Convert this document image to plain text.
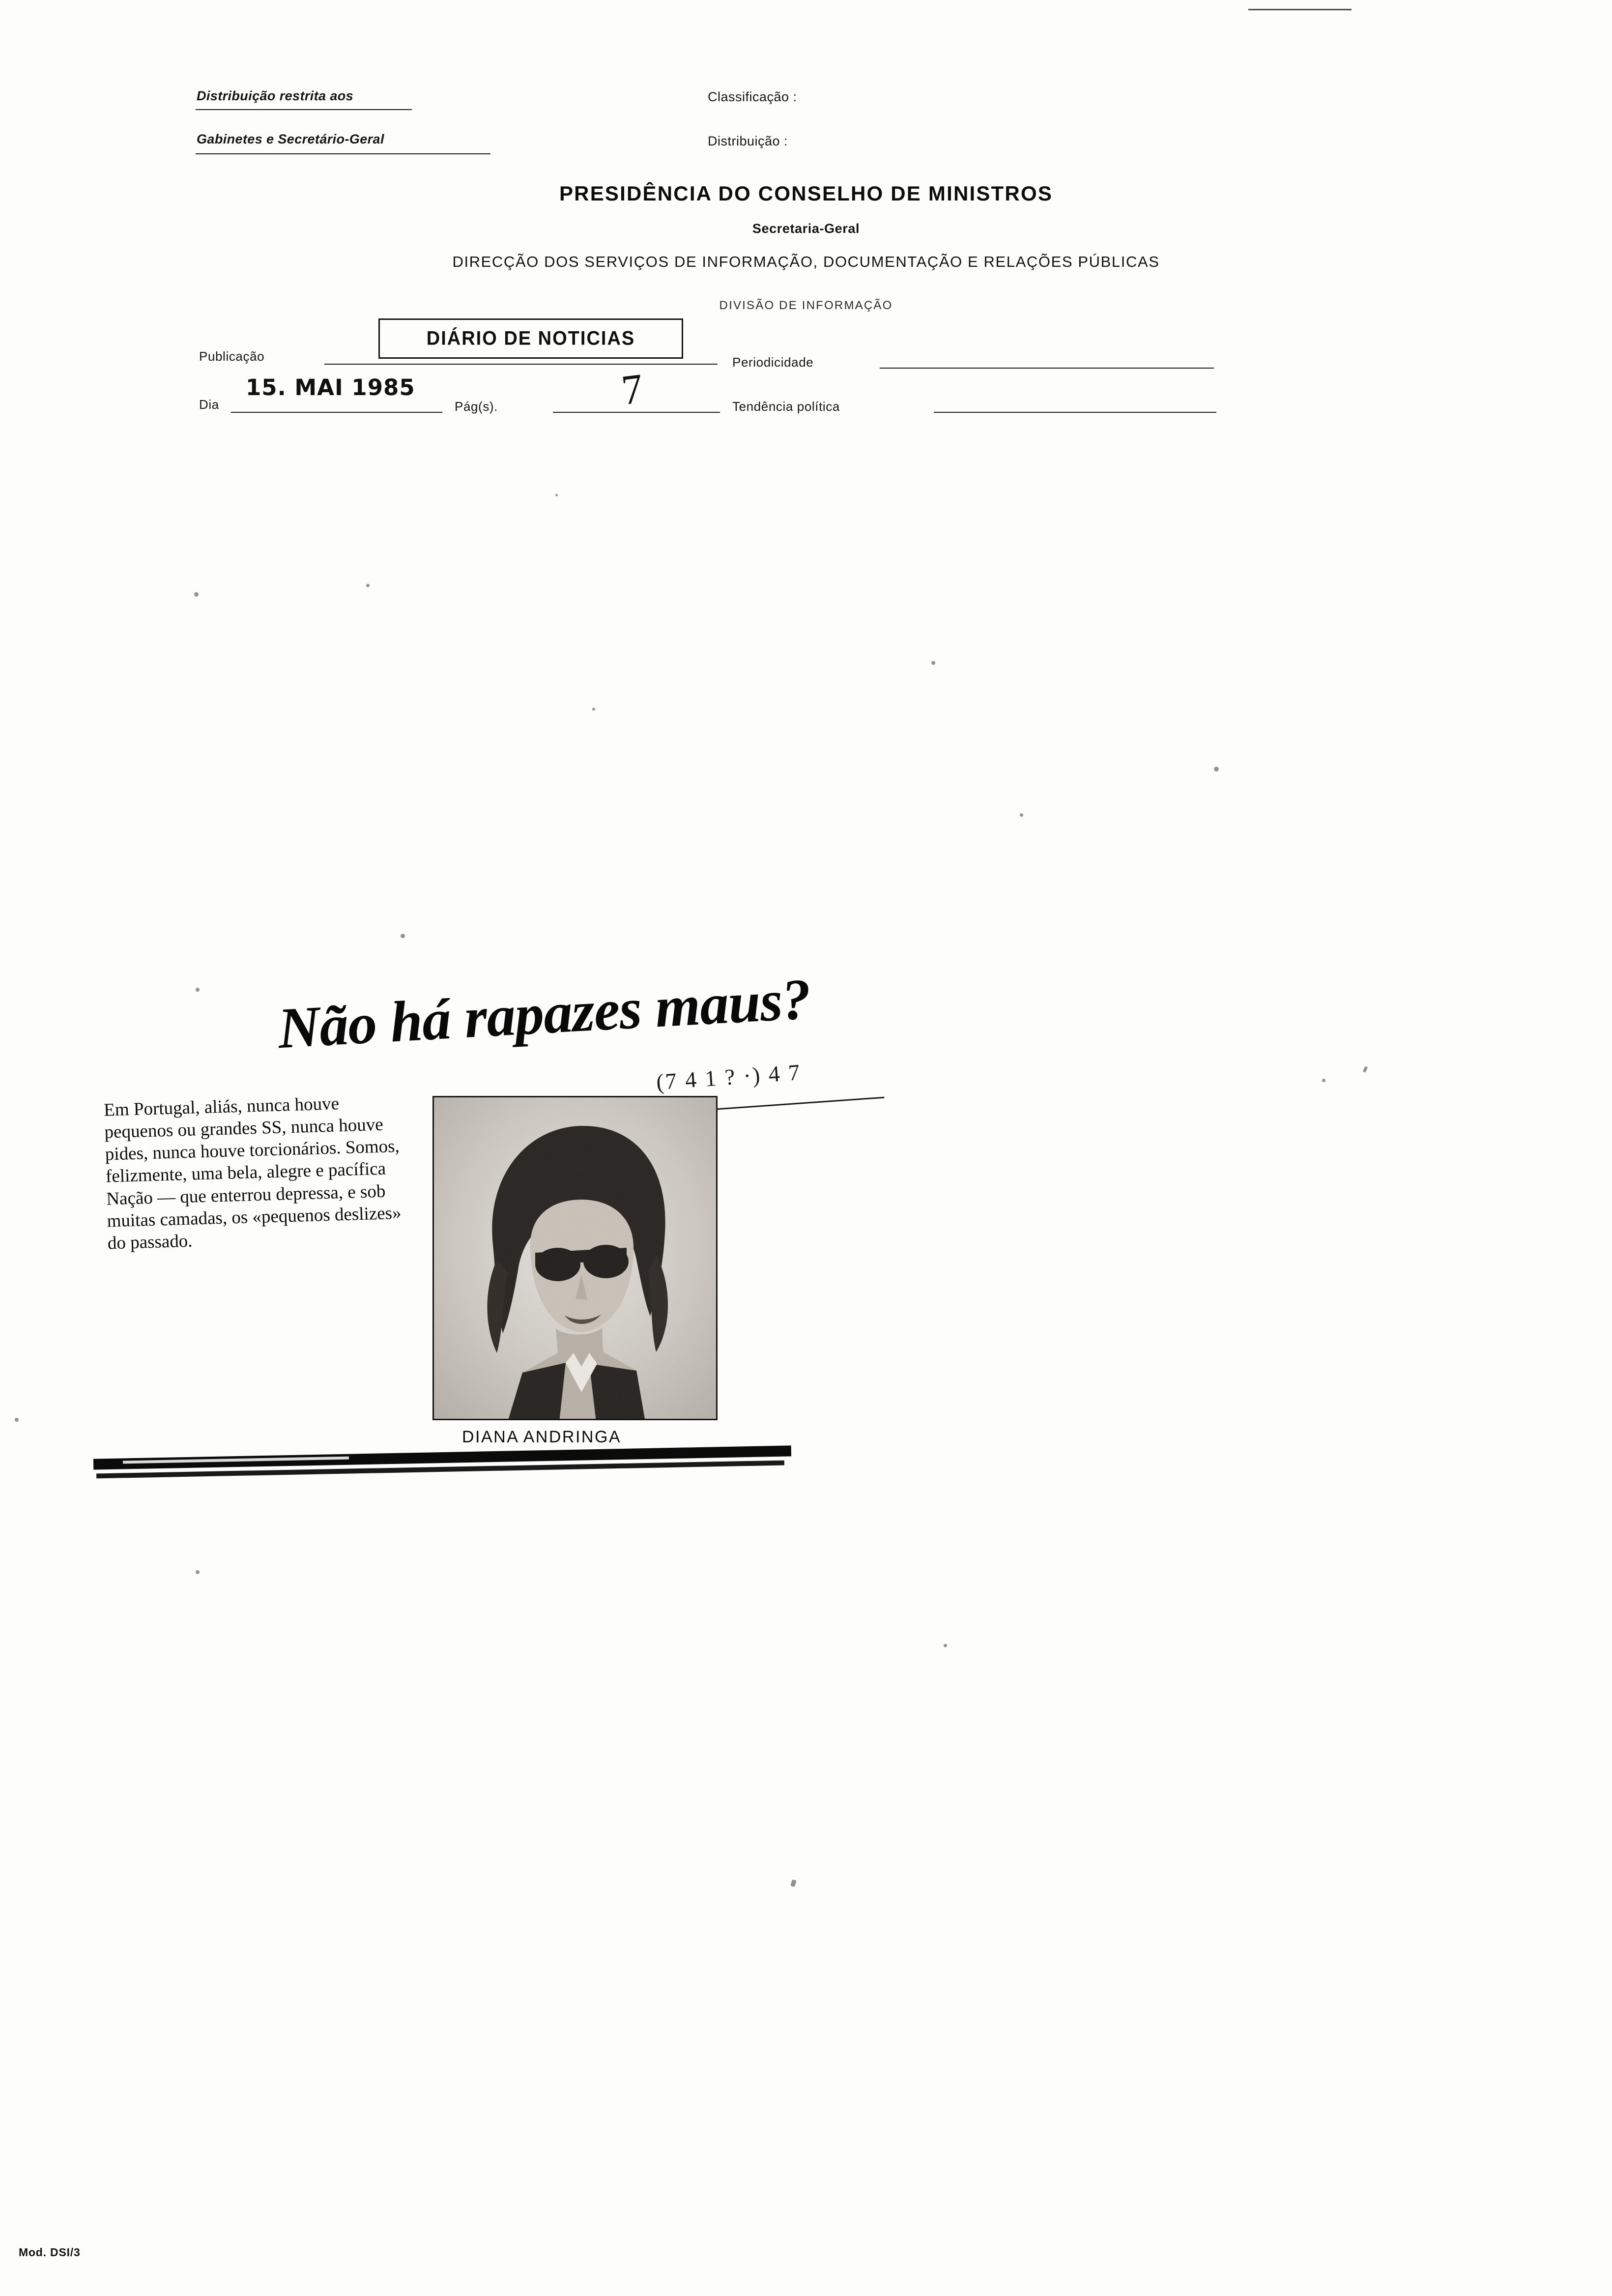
Distribuição restrita aos
Gabinetes e Secretário-Geral
Classificação :
Distribuição :
PRESIDÊNCIA DO CONSELHO DE MINISTROS
Secretaria-Geral
DIRECÇÃO DOS SERVIÇOS DE INFORMAÇÃO, DOCUMENTAÇÃO E RELAÇÕES PÚBLICAS
DIVISÃO DE INFORMAÇÃO
Publicação
DIÁRIO DE NOTICIAS
Periodicidade
Dia
15. MAI 1985
Pág(s).	7	Tendência política
Não há rapazes maus?
(7 4 1 ? ·) 4 7
Em Portugal, aliás, nunca houve pequenos ou grandes SS, nunca houve pides, nunca houve torcionários. Somos, felizmente, uma bela, alegre e pacífica Nação — que enterrou depressa, e sob muitas camadas, os «pequenos deslizes» do passado.
DIANA ANDRINGA
Mod. DSI/3
